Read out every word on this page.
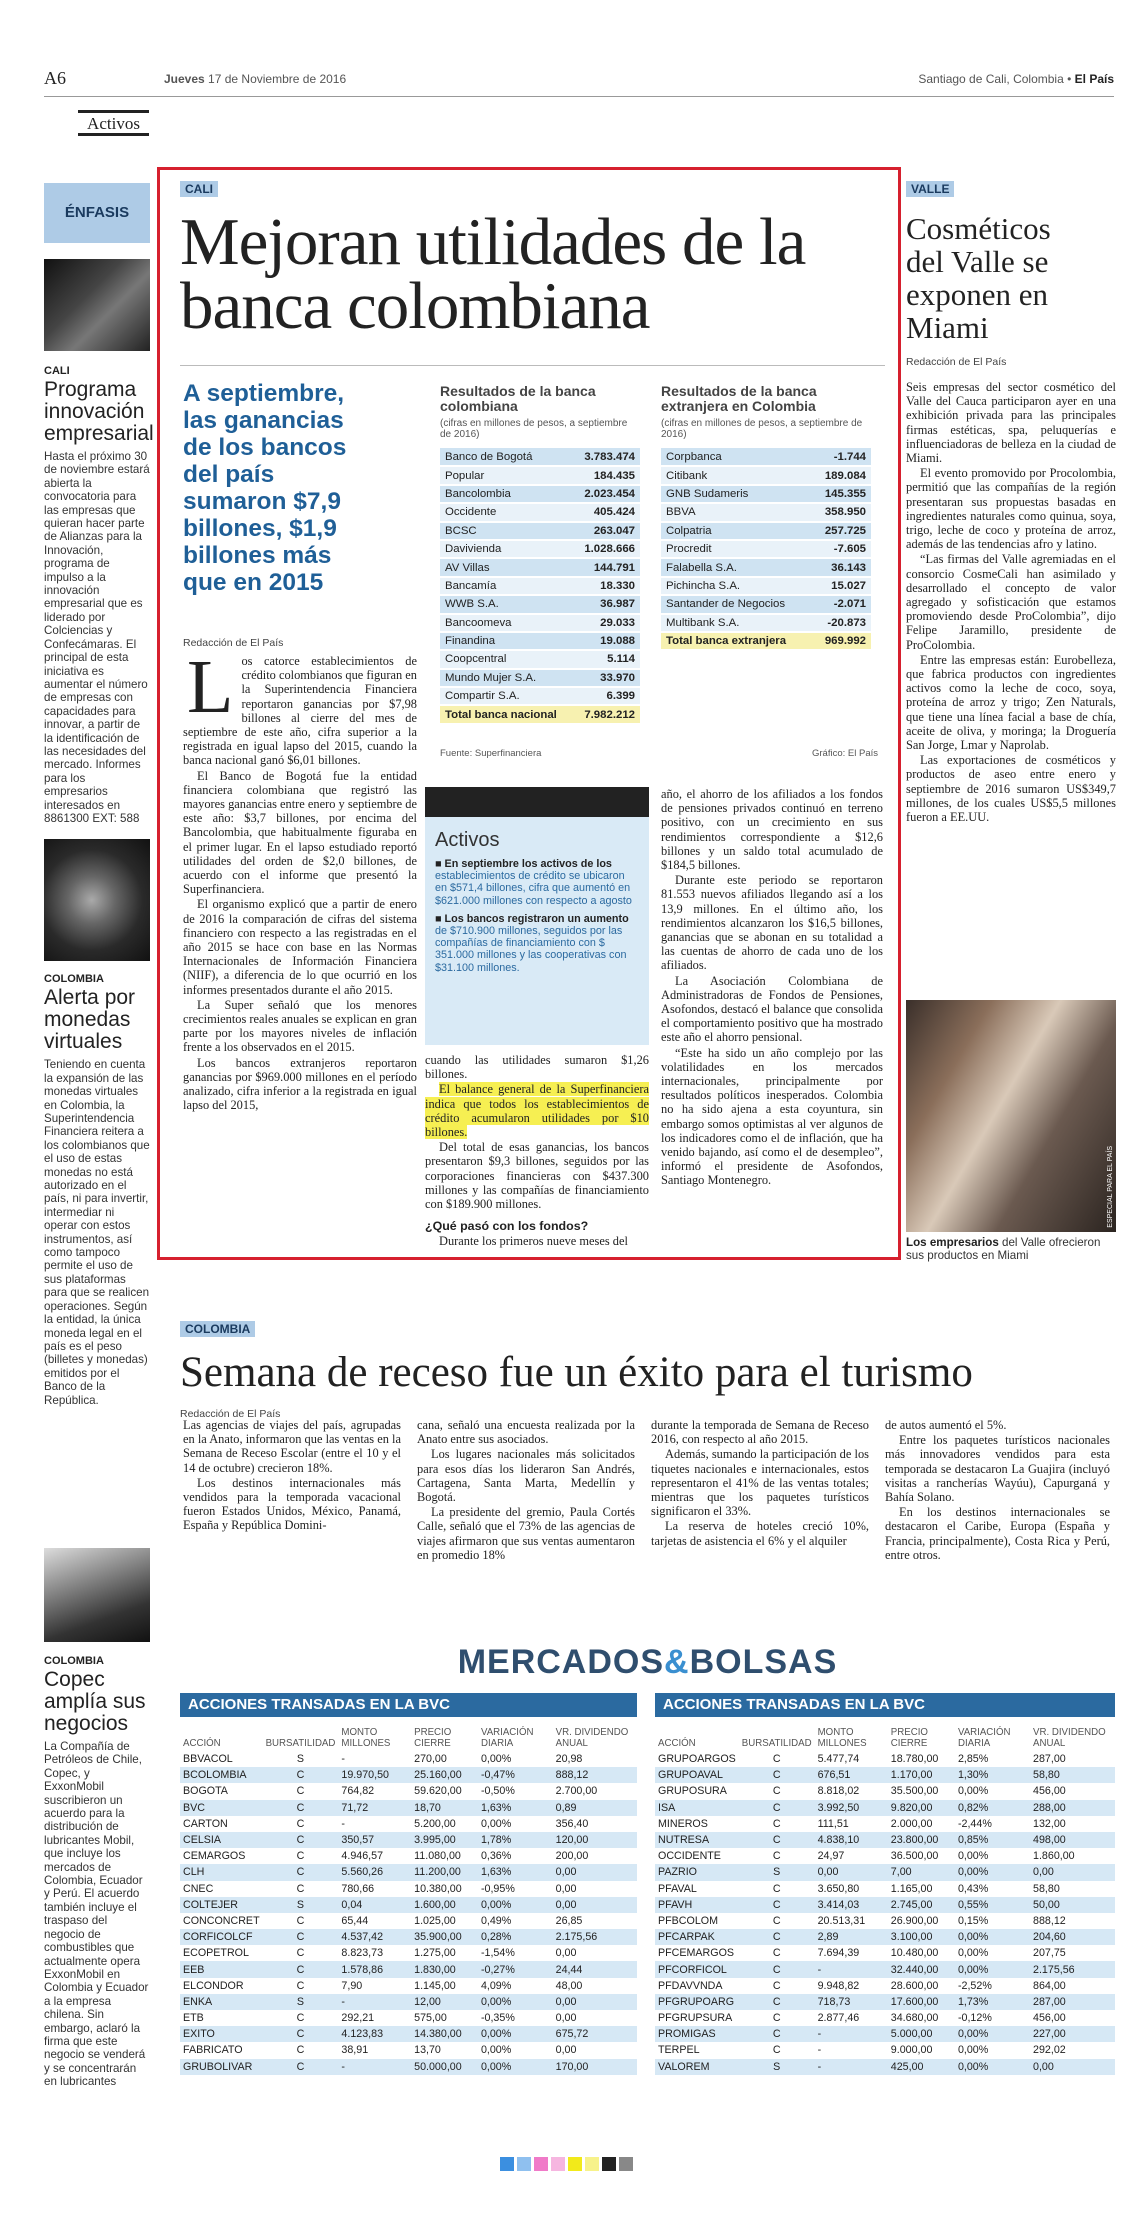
A6	Jueves 17 de Noviembre de 2016	Santiago de Cali, Colombia • El País
Activos
ÉNFASIS
CALI
Programa innovación empresarial
Hasta el próximo 30 de noviembre estará abierta la convocatoria para las empresas que quieran hacer parte de Alianzas para la Innovación, programa de impulso a la innovación empresarial que es liderado por Colciencias y Confecámaras. El principal de esta iniciativa es aumentar el número de empresas con capacidades para innovar, a partir de la identificación de las necesidades del mercado. Informes para los empresarios interesados en 8861300 EXT: 588
COLOMBIA
Alerta por monedas virtuales
Teniendo en cuenta la expansión de las monedas virtuales en Colombia, la Superintendencia Financiera reitera a los colombianos que el uso de estas monedas no está autorizado en el país, ni para invertir, intermediar ni operar con estos instrumentos, así como tampoco permite el uso de sus plataformas para que se realicen operaciones. Según la entidad, la única moneda legal en el país es el peso (billetes y monedas) emitidos por el Banco de la República.
COLOMBIA
Copec amplía sus negocios
La Compañía de Petróleos de Chile, Copec, y ExxonMobil suscribieron un acuerdo para la distribución de lubricantes Mobil, que incluye los mercados de Colombia, Ecuador y Perú. El acuerdo también incluye el traspaso del negocio de combustibles que actualmente opera ExxonMobil en Colombia y Ecuador a la empresa chilena. Sin embargo, aclaró la firma que este negocio se venderá y se concentrarán en lubricantes
CALI
Mejoran utilidades de la banca colombiana
A septiembre, las ganancias de los bancos del país sumaron $7,9 billones, $1,9 billones más que en 2015
Resultados de la banca colombiana
(cifras en millones de pesos, a septiembre de 2016)
Banco de Bogotá	3.783.474
Popular	184.435
Bancolombia	2.023.454
Occidente	405.424
BCSC	263.047
Davivienda	1.028.666
AV Villas	144.791
Bancamía	18.330
WWB S.A.	36.987
Bancoomeva	29.033
Finandina	19.088
Coopcentral	5.114
Mundo Mujer S.A.	33.970
Compartir S.A.	6.399
Total banca nacional	7.982.212
Resultados de la banca extranjera en Colombia
(cifras en millones de pesos, a septiembre de 2016)
Corpbanca	-1.744
Citibank	189.084
GNB Sudameris	145.355
BBVA	358.950
Colpatria	257.725
Procredit	-7.605
Falabella S.A.	36.143
Pichincha S.A.	15.027
Santander de Negocios	-2.071
Multibank S.A.	-20.873
Total banca extranjera	969.992
Fuente: Superfinanciera	Gráfico: El País
Redacción de El País
L os catorce establecimientos de crédito colombianos que figuran en la Superintendencia Financiera reportaron ganancias por $7,98 billones al cierre del mes de septiembre de este año, cifra superior a la registrada en igual lapso del 2015, cuando la banca nacional ganó $6,01 billones.

El Banco de Bogotá fue la entidad financiera colombiana que registró las mayores ganancias entre enero y septiembre de este año: $3,7 billones, por encima del Bancolombia, que habitualmente figuraba en el primer lugar. En el lapso estudiado reportó utilidades del orden de $2,0 billones, de acuerdo con el informe que presentó la Superfinanciera.

El organismo explicó que a partir de enero de 2016 la comparación de cifras del sistema financiero con respecto a las registradas en el año 2015 se hace con base en las Normas Internacionales de Información Financiera (NIIF), a diferencia de lo que ocurrió en los informes presentados durante el año 2015.

La Super señaló que los menores crecimientos reales anuales se explican en gran parte por los mayores niveles de inflación frente a los observados en el 2015.

Los bancos extranjeros reportaron ganancias por $969.000 millones en el período analizado, cifra inferior a la registrada en igual lapso del 2015,

Activos
■ En septiembre los activos de los
establecimientos de crédito se ubicaron en $571,4 billones, cifra que aumentó en $621.000 millones con respecto a agosto
■ Los bancos registraron un aumento
de $710.900 millones, seguidos por las compañías de financiamiento con $ 351.000 millones y las cooperativas con $31.100 millones.

cuando las utilidades sumaron $1,26 billones.

El balance general de la Superfinanciera indica que todos los establecimientos de crédito acumularon utilidades por $10 billones.

Del total de esas ganancias, los bancos presentaron $9,3 billones, seguidos por las corporaciones financieras con $437.300 millones y las compañías de financiamiento con $189.900 millones.

¿Qué pasó con los fondos?

Durante los primeros nueve meses del

año, el ahorro de los afiliados a los fondos de pensiones privados continuó en terreno positivo, con un crecimiento en sus rendimientos correspondiente a $12,6 billones y un saldo total acumulado de $184,5 billones.

Durante este periodo se reportaron 81.553 nuevos afiliados llegando así a los 13,9 millones. En el último año, los rendimientos alcanzaron los $16,5 billones, ganancias que se abonan en su totalidad a las cuentas de ahorro de cada uno de los afiliados.

La Asociación Colombiana de Administradoras de Fondos de Pensiones, Asofondos, destacó el balance que consolida el comportamiento positivo que ha mostrado este año el ahorro pensional.

“Este ha sido un año complejo por las volatilidades en los mercados internacionales, principalmente por resultados políticos inesperados. Colombia no ha sido ajena a esta coyuntura, sin embargo somos optimistas al ver algunos de los indicadores como el de inflación, que ha venido bajando, así como el de desempleo”, informó el presidente de Asofondos, Santiago Montenegro.

VALLE
Cosméticos del Valle se exponen en Miami
Redacción de El País

Seis empresas del sector cosmético del Valle del Cauca participaron ayer en una exhibición privada para las principales firmas estéticas, spa, peluquerías e influenciadoras de belleza en la ciudad de Miami.

El evento promovido por Procolombia, permitió que las compañías de la región presentaran sus propuestas basadas en ingredientes naturales como quinua, soya, trigo, leche de coco y proteína de arroz, además de las tendencias afro y latino.

“Las firmas del Valle agremiadas en el consorcio CosmeCali han asimilado y desarrollado el concepto de valor agregado y sofisticación que estamos promoviendo desde ProColombia”, dijo Felipe Jaramillo, presidente de ProColombia.

Entre las empresas están: Eurobelleza, que fabrica productos con ingredientes activos como la leche de coco, soya, proteína de arroz y trigo; Zen Naturals, que tiene una línea facial a base de chía, aceite de oliva, y moringa; la Droguería San Jorge, Lmar y Naprolab.

Las exportaciones de cosméticos y productos de aseo entre enero y septiembre de 2016 sumaron US$349,7 millones, de los cuales US$5,5 millones fueron a EE.UU.

ESPECIAL PARA EL PAÍS
Los empresarios del Valle ofrecieron sus productos en Miami
COLOMBIA
Semana de receso fue un éxito para el turismo
Redacción de El País

Las agencias de viajes del país, agrupadas en la Anato, informaron que las ventas en la Semana de Receso Escolar (entre el 10 y el 14 de octubre) crecieron 18%.

Los destinos internacionales más vendidos para la temporada vacacional fueron Estados Unidos, México, Panamá, España y República Domini-

cana, señaló una encuesta realizada por la Anato entre sus asociados.

Los lugares nacionales más solicitados para esos días los lideraron San Andrés, Cartagena, Santa Marta, Medellín y Bogotá.

La presidente del gremio, Paula Cortés Calle, señaló que el 73% de las agencias de viajes afirmaron que sus ventas aumentaron en promedio 18%

durante la temporada de Semana de Receso 2016, con respecto al año 2015.

Además, sumando la participación de los tiquetes nacionales e internacionales, estos representaron el 41% de las ventas totales; mientras que los paquetes turísticos significaron el 33%.

La reserva de hoteles creció 10%, tarjetas de asistencia el 6% y el alquiler

de autos aumentó el 5%.

Entre los paquetes turísticos nacionales más innovadores vendidos para esta temporada se destacaron La Guajira (incluyó visitas a rancherías Wayúu), Capurganá y Bahía Solano.

En los destinos internacionales se destacaron el Caribe, Europa (España y Francia, principalmente), Costa Rica y Perú, entre otros.

MERCADOS&BOLSAS
ACCIONES TRANSADAS EN LA BVC
ACCIÓN	BURSATILIDAD	MONTO MILLONES	PRECIO CIERRE	VARIACIÓN DIARIA	VR. DIVIDENDO ANUAL
BBVACOL	S	-	270,00	0,00%	20,98
BCOLOMBIA	C	19.970,50	25.160,00	-0,47%	888,12
BOGOTA	C	764,82	59.620,00	-0,50%	2.700,00
BVC	C	71,72	18,70	1,63%	0,89
CARTON	C	-	5.200,00	0,00%	356,40
CELSIA	C	350,57	3.995,00	1,78%	120,00
CEMARGOS	C	4.946,57	11.080,00	0,36%	200,00
CLH	C	5.560,26	11.200,00	1,63%	0,00
CNEC	C	780,66	10.380,00	-0,95%	0,00
COLTEJER	S	0,04	1.600,00	0,00%	0,00
CONCONCRET	C	65,44	1.025,00	0,49%	26,85
CORFICOLCF	C	4.537,42	35.900,00	0,28%	2.175,56
ECOPETROL	C	8.823,73	1.275,00	-1,54%	0,00
EEB	C	1.578,86	1.830,00	-0,27%	24,44
ELCONDOR	C	7,90	1.145,00	4,09%	48,00
ENKA	S	-	12,00	0,00%	0,00
ETB	C	292,21	575,00	-0,35%	0,00
EXITO	C	4.123,83	14.380,00	0,00%	675,72
FABRICATO	C	38,91	13,70	0,00%	0,00
GRUBOLIVAR	C	-	50.000,00	0,00%	170,00
ACCIONES TRANSADAS EN LA BVC
ACCIÓN	BURSATILIDAD	MONTO MILLONES	PRECIO CIERRE	VARIACIÓN DIARIA	VR. DIVIDENDO ANUAL
GRUPOARGOS	C	5.477,74	18.780,00	2,85%	287,00
GRUPOAVAL	C	676,51	1.170,00	1,30%	58,80
GRUPOSURA	C	8.818,02	35.500,00	0,00%	456,00
ISA	C	3.992,50	9.820,00	0,82%	288,00
MINEROS	C	111,51	2.000,00	-2,44%	132,00
NUTRESA	C	4.838,10	23.800,00	0,85%	498,00
OCCIDENTE	C	24,97	36.500,00	0,00%	1.860,00
PAZRIO	S	0,00	7,00	0,00%	0,00
PFAVAL	C	3.650,80	1.165,00	0,43%	58,80
PFAVH	C	3.414,03	2.745,00	0,55%	50,00
PFBCOLOM	C	20.513,31	26.900,00	0,15%	888,12
PFCARPAK	C	2,89	3.100,00	0,00%	204,60
PFCEMARGOS	C	7.694,39	10.480,00	0,00%	207,75
PFCORFICOL	C	-	32.440,00	0,00%	2.175,56
PFDAVVNDA	C	9.948,82	28.600,00	-2,52%	864,00
PFGRUPOARG	C	718,73	17.600,00	1,73%	287,00
PFGRUPSURA	C	2.877,46	34.680,00	-0,12%	456,00
PROMIGAS	C	-	5.000,00	0,00%	227,00
TERPEL	C	-	9.000,00	0,00%	292,02
VALOREM	S	-	425,00	0,00%	0,00
